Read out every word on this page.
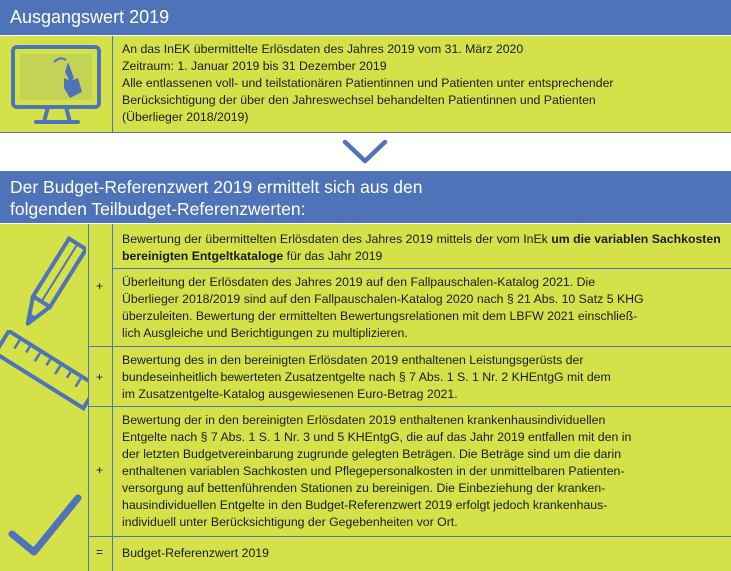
Ausgangswert 2019
An das InEK übermittelte Erlösdaten des Jahres 2019 vom 31. März 2020
Zeitraum: 1. Januar 2019 bis 31 Dezember 2019
Alle entlassenen voll- und teilstationären Patientinnen und Patienten unter entsprechender
Berücksichtigung der über den Jahreswechsel behandelten Patientinnen und Patienten
(Überlieger 2018/2019)
Der Budget-Referenzwert 2019 ermittelt sich aus den
folgenden Teilbudget-Referenzwerten:
Bewertung der übermittelten Erlösdaten des Jahres 2019 mittels der vom InEk um die variablen Sachkosten bereinigten Entgeltkataloge für das Jahr 2019
+	Überleitung der Erlösdaten des Jahres 2019 auf den Fallpauschalen-Katalog 2021. Die
Überlieger 2018/2019 sind auf den Fallpauschalen-Katalog 2020 nach § 21 Abs. 10 Satz 5 KHG
überzuleiten. Bewertung der ermittelten Bewertungsrelationen mit dem LBFW 2021 einschließ-
lich Ausgleiche und Berichtigungen zu multiplizieren.
+
Bewertung des in den bereinigten Erlösdaten 2019 enthaltenen Leistungsgerüsts der
bundeseinheitlich bewerteten Zusatzentgelte nach § 7 Abs. 1 S. 1 Nr. 2 KHEntgG mit dem
im Zusatzentgelte-Katalog ausgewiesenen Euro-Betrag 2021.
+
Bewertung der in den bereinigten Erlösdaten 2019 enthaltenen krankenhausindividuellen
Entgelte nach § 7 Abs. 1 S. 1 Nr. 3 und 5 KHEntgG, die auf das Jahr 2019 entfallen mit den in
der letzten Budgetvereinbarung zugrunde gelegten Beträgen. Die Beträge sind um die darin
enthaltenen variablen Sachkosten und Pflegepersonalkosten in der unmittelbaren Patienten-
versorgung auf bettenführenden Stationen zu bereinigen. Die Einbeziehung der kranken-
hausindividuellen Entgelte in den Budget-Referenzwert 2019 erfolgt jedoch krankenhaus-
individuell unter Berücksichtigung der Gegebenheiten vor Ort.
=	Budget-Referenzwert 2019
